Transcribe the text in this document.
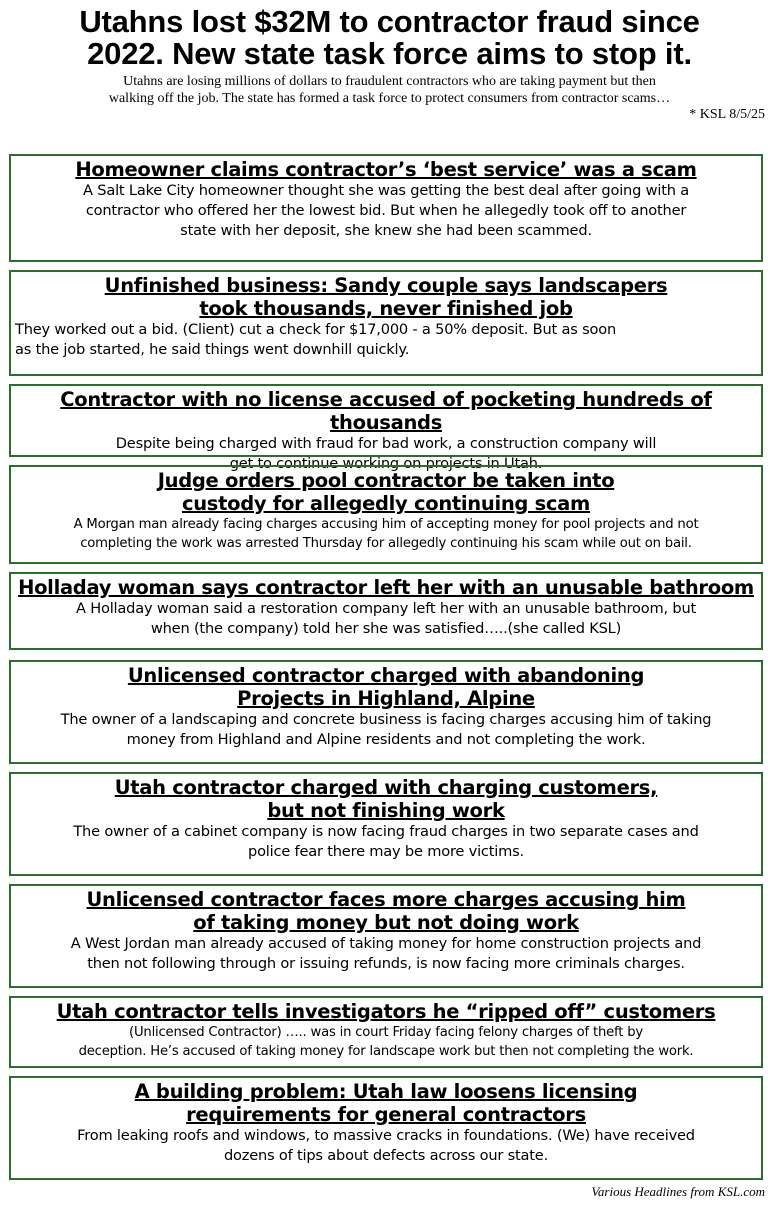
Utahns lost $32M to contractor fraud since
2022. New state task force aims to stop it.
Utahns are losing millions of dollars to fraudulent contractors who are taking payment but then
walking off the job. The state has formed a task force to protect consumers from contractor scams…
* KSL 8/5/25
Homeowner claims contractor’s ‘best service’ was a scam

A Salt Lake City homeowner thought she was getting the best deal after going with a
contractor who offered her the lowest bid. But when he allegedly took off to another
state with her deposit, she knew she had been scammed.

Unfinished business: Sandy couple says landscapers
took thousands, never finished job

They worked out a bid. (Client) cut a check for $17,000 - a 50% deposit. But as soon
as the job started, he said things went downhill quickly.

Contractor with no license accused of pocketing hundreds of thousands

Despite being charged with fraud for bad work, a construction company will
get to continue working on projects in Utah.

Judge orders pool contractor be taken into
custody for allegedly continuing scam

A Morgan man already facing charges accusing him of accepting money for pool projects and not
completing the work was arrested Thursday for allegedly continuing his scam while out on bail.

Holladay woman says contractor left her with an unusable bathroom

A Holladay woman said a restoration company left her with an unusable bathroom, but
when (the company) told her she was satisfied…..(she called KSL)

Unlicensed contractor charged with abandoning
Projects in Highland, Alpine

The owner of a landscaping and concrete business is facing charges accusing him of taking
money from Highland and Alpine residents and not completing the work.

Utah contractor charged with charging customers,
but not finishing work

The owner of a cabinet company is now facing fraud charges in two separate cases and
police fear there may be more victims.

Unlicensed contractor faces more charges accusing him
of taking money but not doing work

A West Jordan man already accused of taking money for home construction projects and
then not following through or issuing refunds, is now facing more criminals charges.

Utah contractor tells investigators he “ripped off” customers

(Unlicensed Contractor) ….. was in court Friday facing felony charges of theft by
deception. He’s accused of taking money for landscape work but then not completing the work.

A building problem: Utah law loosens licensing
requirements for general contractors

From leaking roofs and windows, to massive cracks in foundations. (We) have received
dozens of tips about defects across our state.

Various Headlines from KSL.com
